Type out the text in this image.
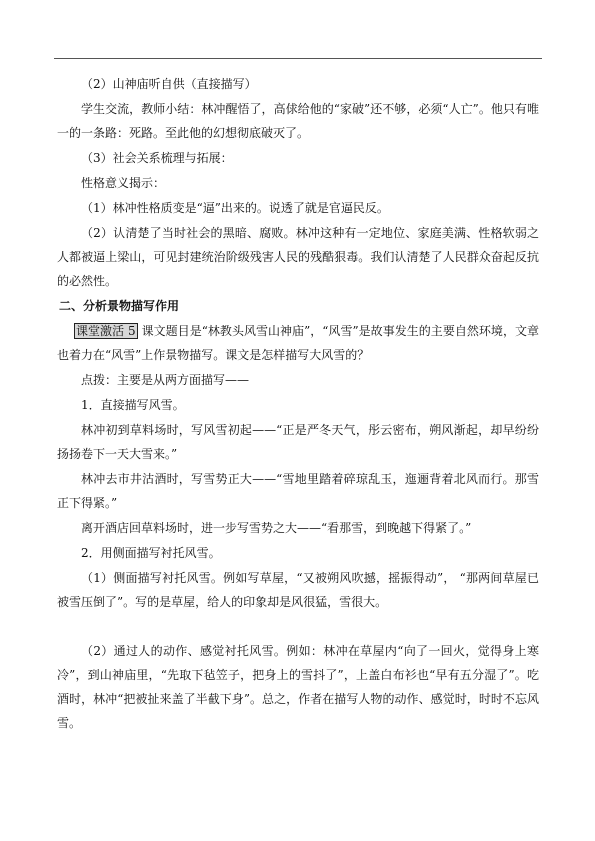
（2）山神庙听自供（直接描写）

学生交流，教师小结：林冲醒悟了，高俅给他的“家破”还不够，必须“人亡”。他只有唯一的一条路：死路。至此他的幻想彻底破灭了。

（3）社会关系梳理与拓展：

性格意义揭示：

（1）林冲性格质变是“逼”出来的。说透了就是官逼民反。

（2）认清楚了当时社会的黑暗、腐败。林冲这种有一定地位、家庭美满、性格软弱之人都被逼上梁山，可见封建统治阶级残害人民的残酷狠毒。我们认清楚了人民群众奋起反抗的必然性。

二、分析景物描写作用

课堂激活 5 课文题目是“林教头风雪山神庙”，“风雪”是故事发生的主要自然环境，文章也着力在“风雪”上作景物描写。课文是怎样描写大风雪的？

点拨：主要是从两方面描写——

1．直接描写风雪。

林冲初到草料场时，写风雪初起——“正是严冬天气，彤云密布，朔风渐起，却早纷纷扬扬卷下一天大雪来。”

林冲去市井沽酒时，写雪势正大——“雪地里踏着碎琼乱玉，迤逦背着北风而行。那雪正下得紧。”

离开酒店回草料场时，进一步写雪势之大——“看那雪，到晚越下得紧了。”

2．用侧面描写衬托风雪。

（1）侧面描写衬托风雪。例如写草屋，“又被朔风吹撼，摇振得动”， “那两间草屋已被雪压倒了”。写的是草屋，给人的印象却是风很猛，雪很大。

（2）通过人的动作、感觉衬托风雪。例如：林冲在草屋内“向了一回火，觉得身上寒冷”，到山神庙里，“先取下毡笠子，把身上的雪抖了”，上盖白布衫也“早有五分湿了”。吃酒时，林冲“把被扯来盖了半截下身”。总之，作者在描写人物的动作、感觉时，时时不忘风雪。
